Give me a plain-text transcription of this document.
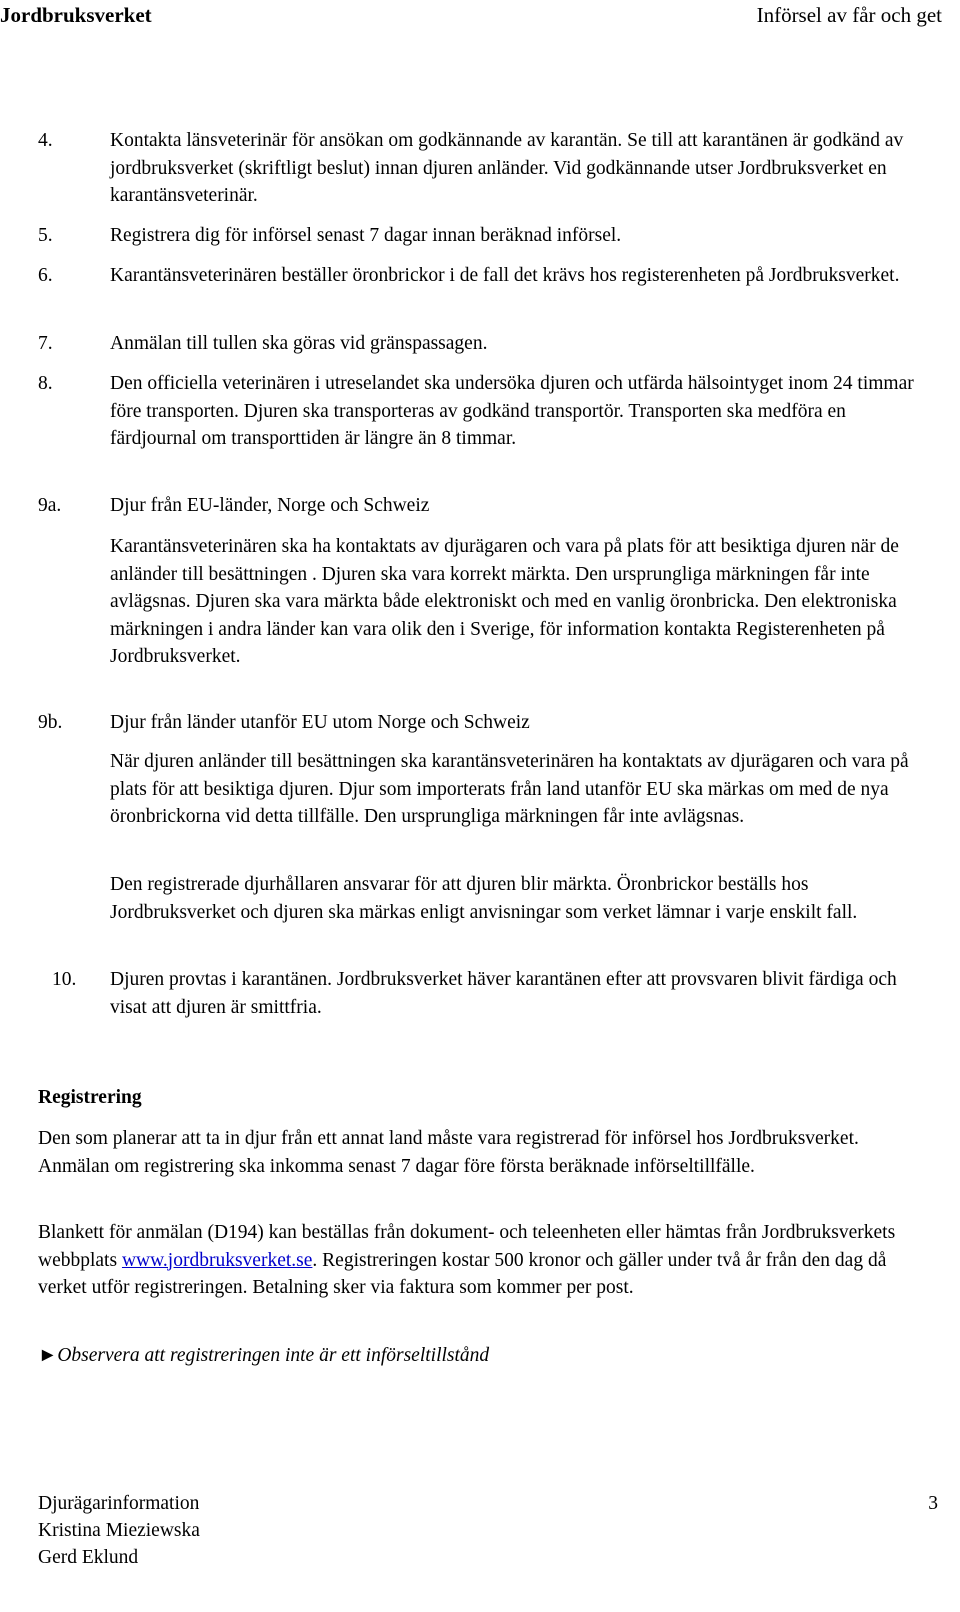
Jordbruksverket	Införsel av får och get
4.	Kontakta länsveterinär för ansökan om godkännande av karantän. Se till att karantänen är godkänd av jordbruksverket (skriftligt beslut) innan djuren anländer. Vid godkännande utser Jordbruksverket en karantänsveterinär.
5.	Registrera dig för införsel senast 7 dagar innan beräknad införsel.
6.	Karantänsveterinären beställer öronbrickor i de fall det krävs hos registerenheten på Jordbruksverket.
7.	Anmälan till tullen ska göras vid gränspassagen.
8.	Den officiella veterinären i utreselandet ska undersöka djuren och utfärda hälsointyget inom 24 timmar före transporten. Djuren ska transporteras av godkänd transportör. Transporten ska medföra en färdjournal om transporttiden är längre än 8 timmar.
9a. Djur från EU-länder, Norge och Schweiz
Karantänsveterinären ska ha kontaktats av djurägaren och vara på plats för att besiktiga djuren när de anländer till besättningen . Djuren ska vara korrekt märkta. Den ursprungliga märkningen får inte avlägsnas. Djuren ska vara märkta både elektroniskt och med en vanlig öronbricka. Den elektroniska märkningen i andra länder kan vara olik den i Sverige, för information kontakta Registerenheten på Jordbruksverket.
9b. Djur från länder utanför EU utom Norge och Schweiz
När djuren anländer till besättningen ska karantänsveterinären ha kontaktats av djurägaren och vara på plats för att besiktiga djuren. Djur som importerats från land utanför EU ska märkas om med de nya öronbrickorna vid detta tillfälle. Den ursprungliga märkningen får inte avlägsnas.
Den registrerade djurhållaren ansvarar för att djuren blir märkta. Öronbrickor beställs hos Jordbruksverket och djuren ska märkas enligt anvisningar som verket lämnar i varje enskilt fall.
10. Djuren provtas i karantänen. Jordbruksverket häver karantänen efter att provsvaren blivit färdiga och visat att djuren är smittfria.
Registrering
Den som planerar att ta in djur från ett annat land måste vara registrerad för införsel hos Jordbruksverket. Anmälan om registrering ska inkomma senast 7 dagar före första beräknade införseltillfälle.
Blankett för anmälan (D194) kan beställas från dokument- och teleenheten eller hämtas från Jordbruksverkets webbplats www.jordbruksverket.se. Registreringen kostar 500 kronor och gäller under två år från den dag då verket utför registreringen. Betalning sker via faktura som kommer per post.
►Observera att registreringen inte är ett införseltillstånd
Djurägarinformation
Kristina Mieziewska
Gerd Eklund
3
